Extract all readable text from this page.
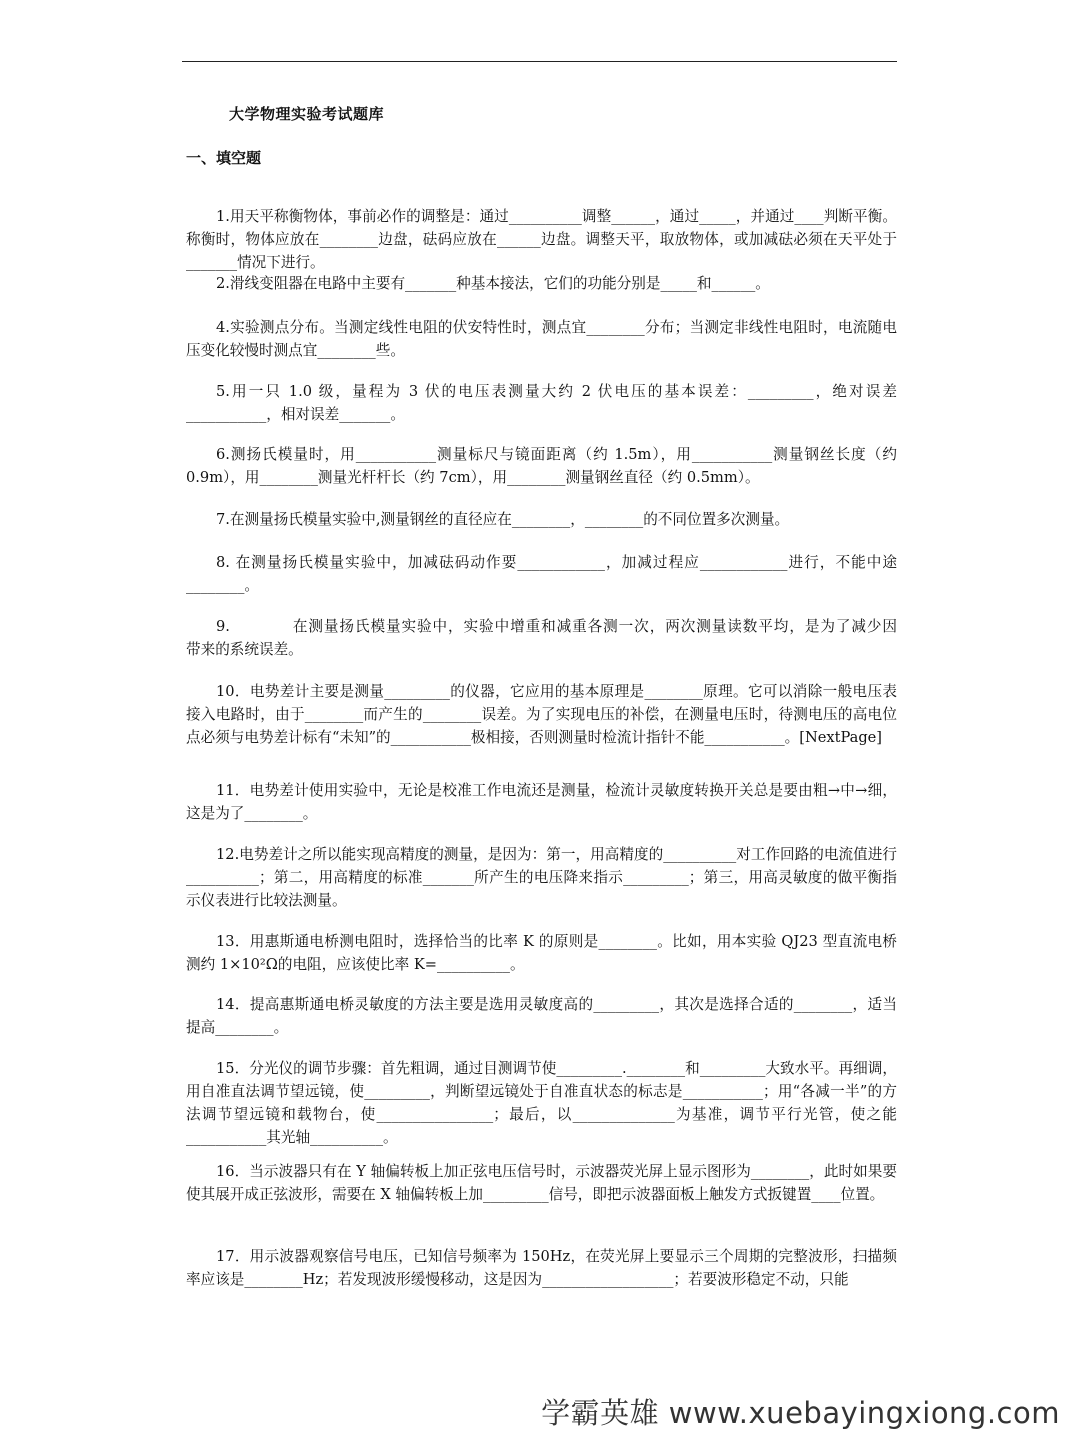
大学物理实验考试题库
一、填空题

1.用天平称衡物体，事前必作的调整是：通过__________调整______，通过_____，并通过____判断平衡。称衡时，物体应放在________边盘，砝码应放在______边盘。调整天平，取放物体，或加减砝必须在天平处于_______情况下进行。

2.滑线变阻器在电路中主要有_______种基本接法，它们的功能分别是_____和______。

4.实验测点分布。当测定线性电阻的伏安特性时，测点宜________分布；当测定非线性电阻时，电流随电压变化较慢时测点宜________些。

5.用一只 1.0 级，量程为 3 伏的电压表测量大约 2 伏电压的基本误差：_________，绝对误差___________，相对误差_______。

6.测扬氏模量时，用___________测量标尺与镜面距离（约 1.5m），用___________测量钢丝长度（约 0.9m），用________测量光杆杆长（约 7cm），用________测量钢丝直径（约 0.5mm）。

7.在测量扬氏模量实验中,测量钢丝的直径应在________，________的不同位置多次测量。

8. 在测量扬氏模量实验中，加减砝码动作要____________，加减过程应____________进行，不能中途________。

9.　　　　在测量扬氏模量实验中，实验中增重和减重各测一次，两次测量读数平均，是为了减少因　　带来的系统误差。

10．电势差计主要是测量_________的仪器，它应用的基本原理是________原理。它可以消除一般电压表接入电路时，由于________而产生的________误差。为了实现电压的补偿，在测量电压时，待测电压的高电位点必须与电势差计标有“未知”的___________极相接，否则测量时检流计指针不能___________。[NextPage]

11．电势差计使用实验中，无论是校准工作电流还是测量，检流计灵敏度转换开关总是要由粗→中→细，这是为了________。

12.电势差计之所以能实现高精度的测量，是因为：第一，用高精度的__________对工作回路的电流值进行__________；第二，用高精度的标准_______所产生的电压降来指示_________；第三，用高灵敏度的做平衡指示仪表进行比较法测量。

13．用惠斯通电桥测电阻时，选择恰当的比率 K 的原则是________。比如，用本实验 QJ23 型直流电桥测约 1×10²Ω的电阻，应该使比率 K=__________。

14．提高惠斯通电桥灵敏度的方法主要是选用灵敏度高的_________，其次是选择合适的________，适当提高________。

15．分光仪的调节步骤：首先粗调，通过目测调节使_________.________和_________大致水平。再细调，用自准直法调节望远镜，使_________，判断望远镜处于自准直状态的标志是___________；用“各减一半”的方法调节望远镜和载物台，使________________；最后，以______________为基准，调节平行光管，使之能___________其光轴__________。

16．当示波器只有在 Y 轴偏转板上加正弦电压信号时，示波器荧光屏上显示图形为________，此时如果要使其展开成正弦波形，需要在 X 轴偏转板上加_________信号，即把示波器面板上触发方式扳键置____位置。

17．用示波器观察信号电压，已知信号频率为 150Hz，在荧光屏上要显示三个周期的完整波形，扫描频率应该是________Hz；若发现波形缓慢移动，这是因为__________________；若要波形稳定不动，只能

学霸英雄 www.xuebayingxiong.com
